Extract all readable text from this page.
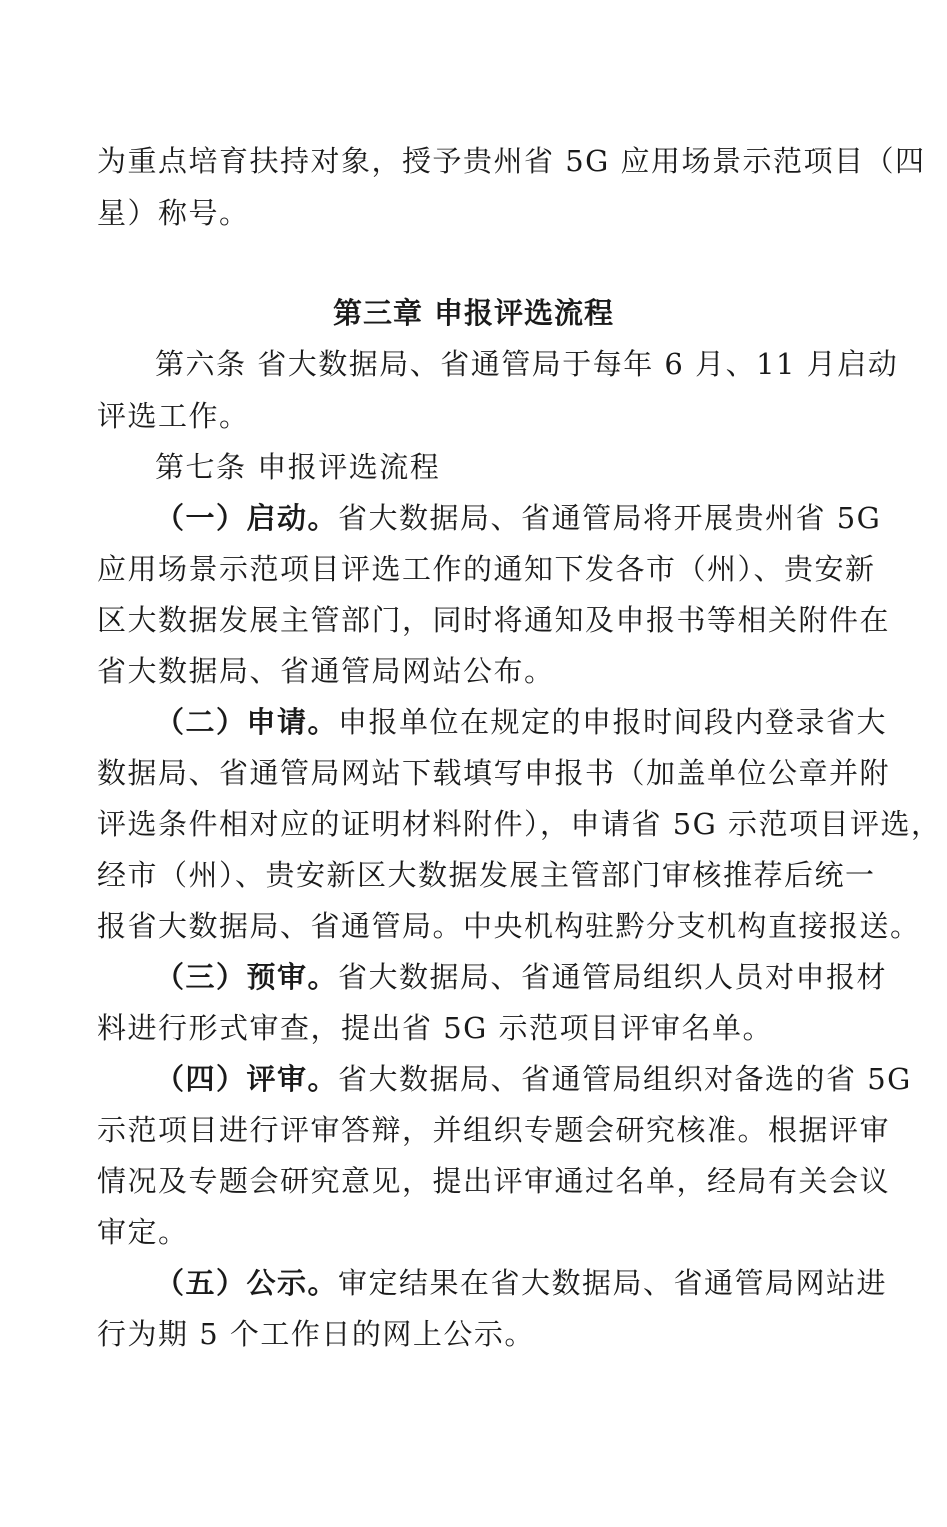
为重点培育扶持对象，授予贵州省 5G 应用场景示范项目（四
星）称号。
第三章 申报评选流程
第六条 省大数据局、省通管局于每年 6 月、11 月启动
评选工作。
第七条 申报评选流程
（一）启动。省大数据局、省通管局将开展贵州省 5G
应用场景示范项目评选工作的通知下发各市（州）、贵安新
区大数据发展主管部门，同时将通知及申报书等相关附件在
省大数据局、省通管局网站公布。
（二）申请。申报单位在规定的申报时间段内登录省大
数据局、省通管局网站下载填写申报书（加盖单位公章并附
评选条件相对应的证明材料附件），申请省 5G 示范项目评选，
经市（州）、贵安新区大数据发展主管部门审核推荐后统一
报省大数据局、省通管局。中央机构驻黔分支机构直接报送。
（三）预审。省大数据局、省通管局组织人员对申报材
料进行形式审查，提出省 5G 示范项目评审名单。
（四）评审。省大数据局、省通管局组织对备选的省 5G
示范项目进行评审答辩，并组织专题会研究核准。根据评审
情况及专题会研究意见，提出评审通过名单，经局有关会议
审定。
（五）公示。审定结果在省大数据局、省通管局网站进
行为期 5 个工作日的网上公示。
